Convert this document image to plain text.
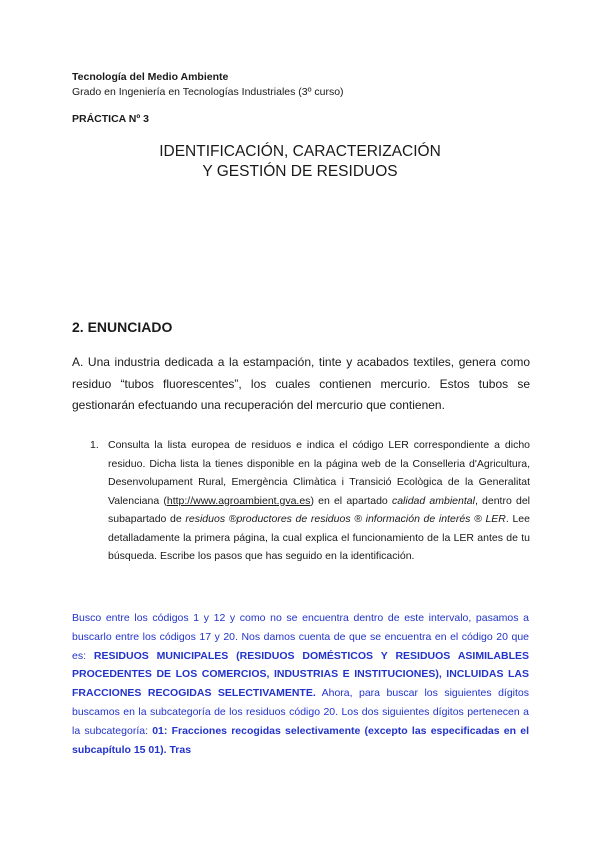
Tecnología del Medio Ambiente
Grado en Ingeniería en Tecnologías Industriales (3º curso)
PRÁCTICA Nº 3
IDENTIFICACIÓN, CARACTERIZACIÓN
Y GESTIÓN DE RESIDUOS
2. ENUNCIADO
A. Una industria dedicada a la estampación, tinte y acabados textiles, genera como residuo “tubos fluorescentes”, los cuales contienen mercurio. Estos tubos se gestionarán efectuando una recuperación del mercurio que contienen.
1. Consulta la lista europea de residuos e indica el código LER correspondiente a dicho residuo. Dicha lista la tienes disponible en la página web de la Conselleria d'Agricultura, Desenvolupament Rural, Emergència Climàtica i Transició Ecològica de la Generalitat Valenciana (http://www.agroambient.gva.es) en el apartado calidad ambiental, dentro del subapartado de residuos ®productores de residuos ® información de interés ® LER. Lee detalladamente la primera página, la cual explica el funcionamiento de la LER antes de tu búsqueda. Escribe los pasos que has seguido en la identificación.
Busco entre los códigos 1 y 12 y como no se encuentra dentro de este intervalo, pasamos a buscarlo entre los códigos 17 y 20. Nos damos cuenta de que se encuentra en el código 20 que es: RESIDUOS MUNICIPALES (RESIDUOS DOMÉSTICOS Y RESIDUOS ASIMILABLES PROCEDENTES DE LOS COMERCIOS, INDUSTRIAS E INSTITUCIONES), INCLUIDAS LAS FRACCIONES RECOGIDAS SELECTIVAMENTE. Ahora, para buscar los siguientes dígitos buscamos en la subcategoría de los residuos código 20. Los dos siguientes dígitos pertenecen a la subcategoría: 01: Fracciones recogidas selectivamente (excepto las especificadas en el subcapítulo 15 01). Tras
